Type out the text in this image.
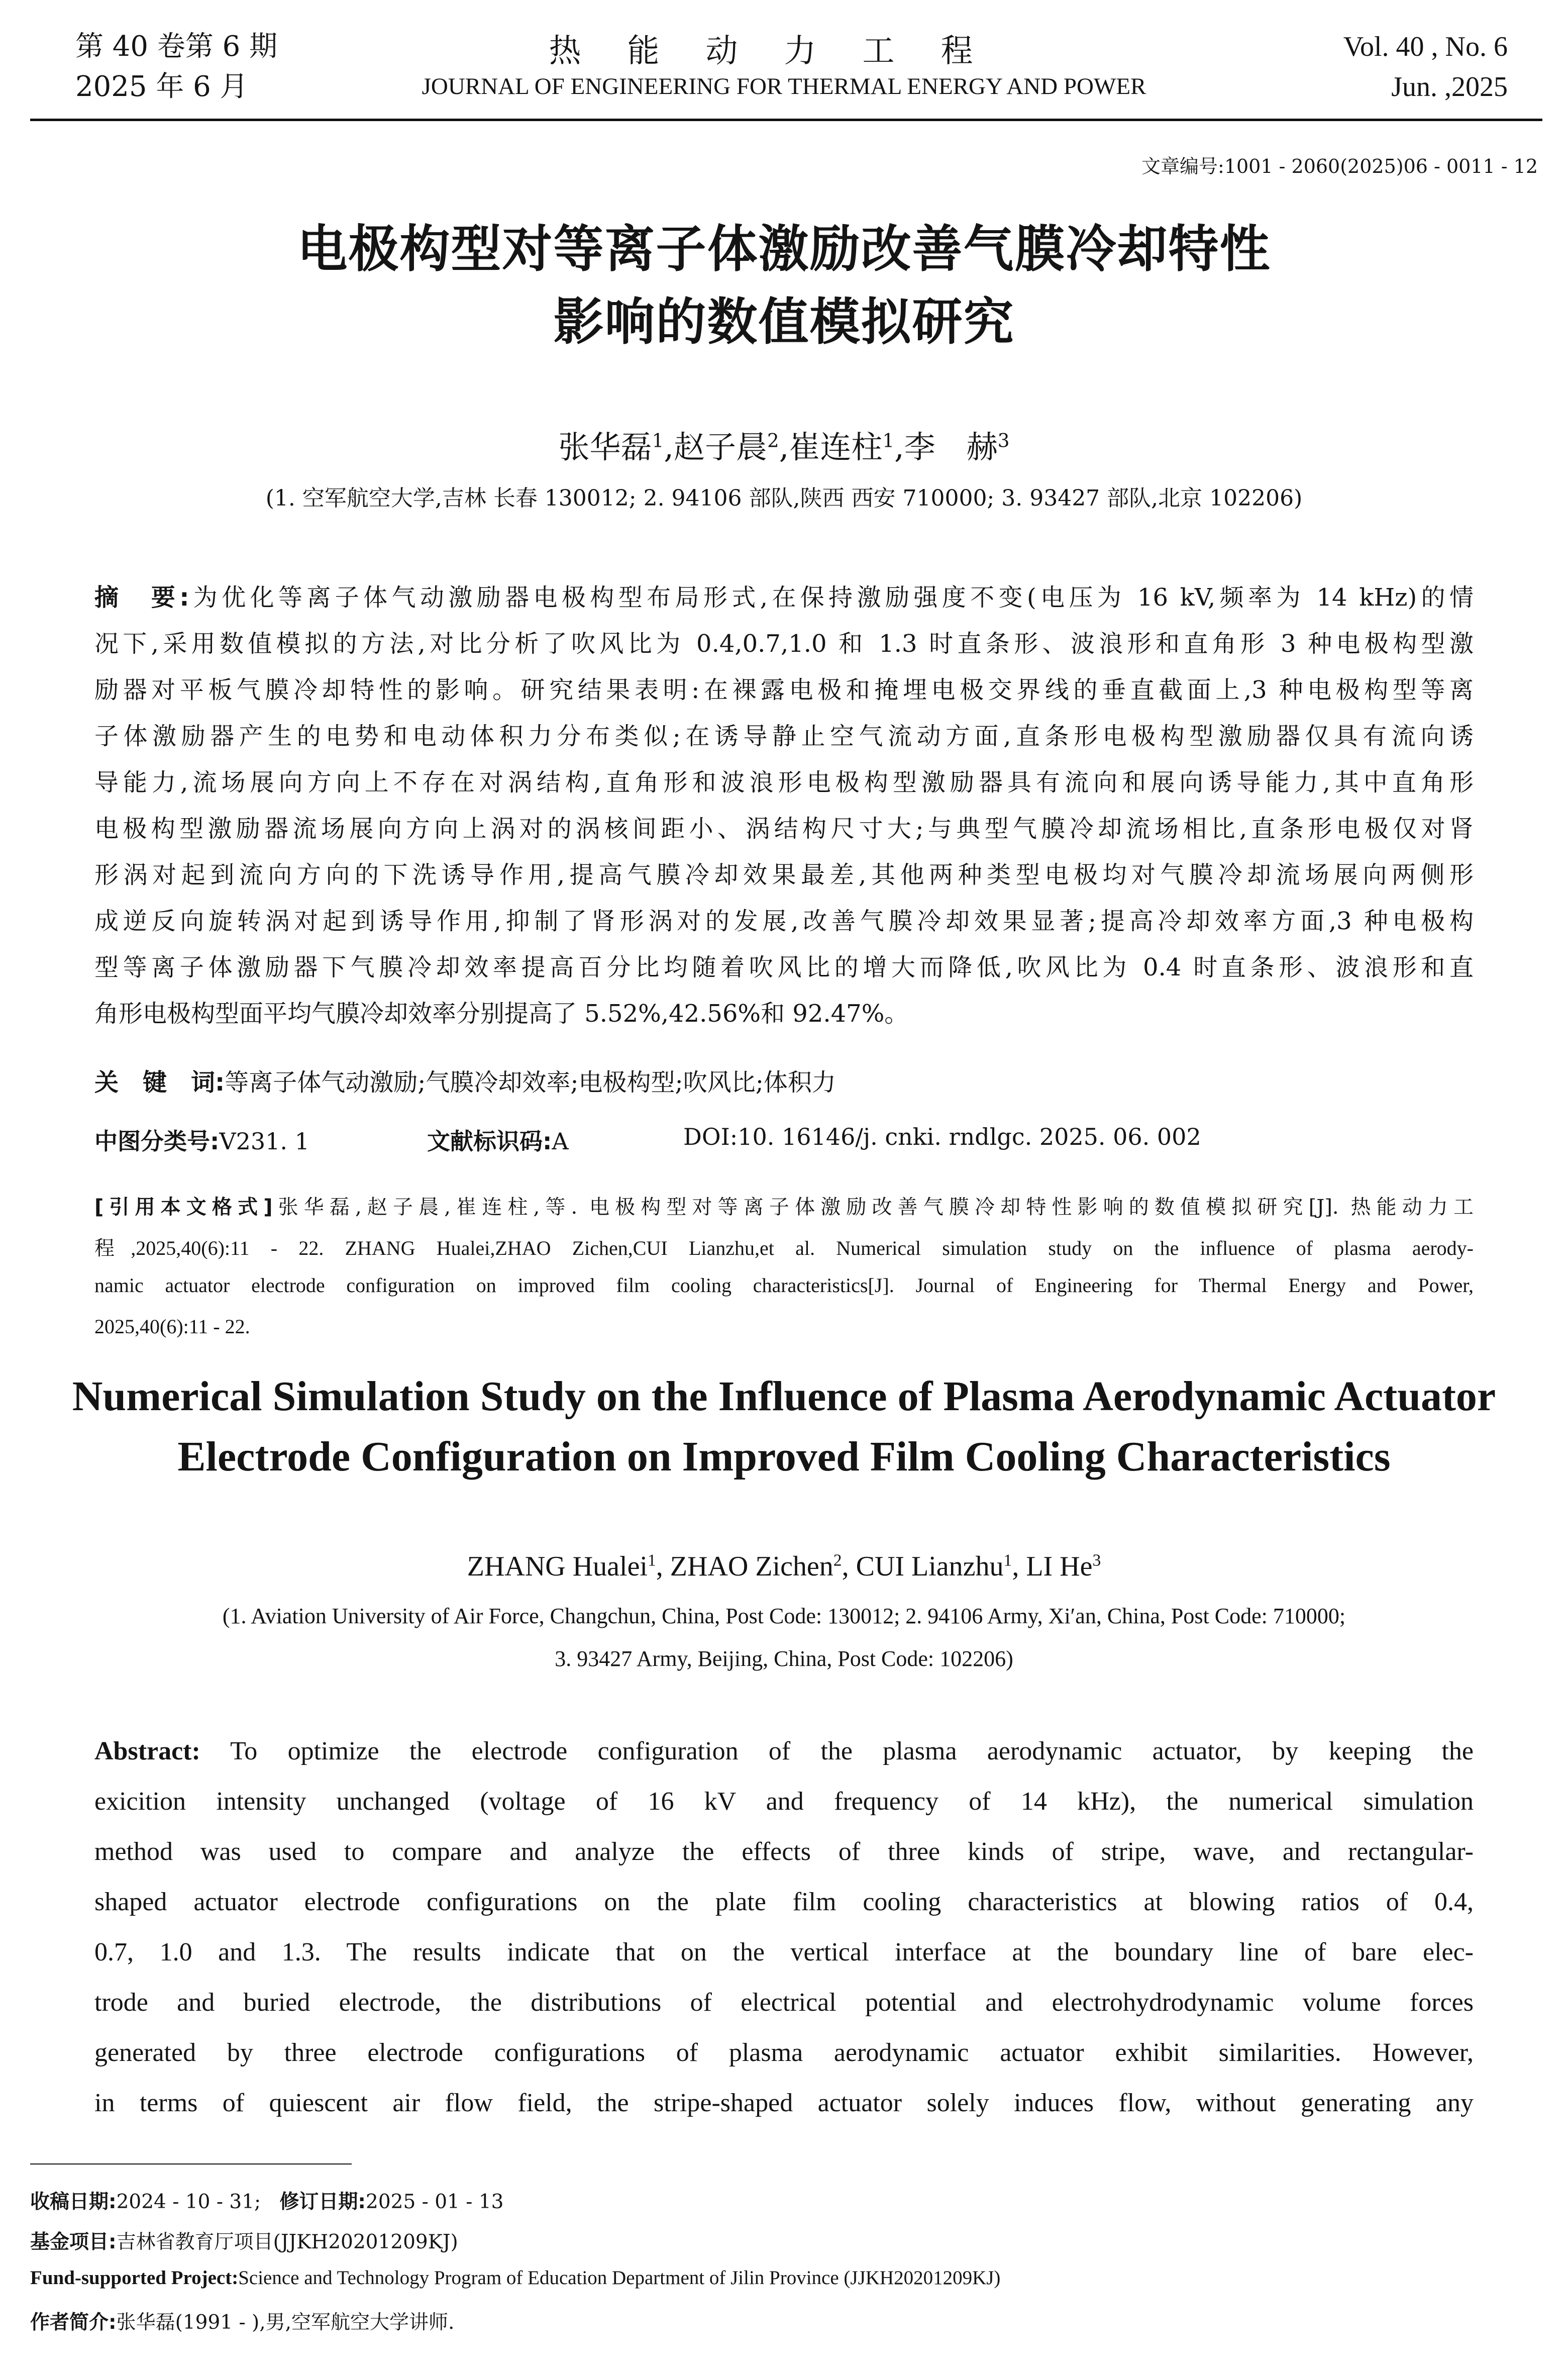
第 40 卷第 6 期
2025 年 6 月
热能动力工程
JOURNAL OF ENGINEERING FOR THERMAL ENERGY AND POWER
Vol. 40 , No. 6
Jun. ,2025
文章编号:1001 - 2060(2025)06 - 0011 - 12
电极构型对等离子体激励改善气膜冷却特性
影响的数值模拟研究
张华磊$^1$,赵子晨$^2$,崔连柱$^1$,李　赫$^3$
(1. 空军航空大学,吉林 长春 130012; 2. 94106 部队,陕西 西安 710000; 3. 93427 部队,北京 102206)
摘　要:为优化等离子体气动激励器电极构型布局形式,在保持激励强度不变(电压为 16 kV,频率为 14 kHz)的情
况下,采用数值模拟的方法,对比分析了吹风比为 0.4,0.7,1.0 和 1.3 时直条形、波浪形和直角形 3 种电极构型激
励器对平板气膜冷却特性的影响。研究结果表明:在裸露电极和掩埋电极交界线的垂直截面上,3 种电极构型等离
子体激励器产生的电势和电动体积力分布类似;在诱导静止空气流动方面,直条形电极构型激励器仅具有流向诱
导能力,流场展向方向上不存在对涡结构,直角形和波浪形电极构型激励器具有流向和展向诱导能力,其中直角形
电极构型激励器流场展向方向上涡对的涡核间距小、涡结构尺寸大;与典型气膜冷却流场相比,直条形电极仅对肾
形涡对起到流向方向的下洗诱导作用,提高气膜冷却效果最差,其他两种类型电极均对气膜冷却流场展向两侧形
成逆反向旋转涡对起到诱导作用,抑制了肾形涡对的发展,改善气膜冷却效果显著;提高冷却效率方面,3 种电极构
型等离子体激励器下气膜冷却效率提高百分比均随着吹风比的增大而降低,吹风比为 0.4 时直条形、波浪形和直
角形电极构型面平均气膜冷却效率分别提高了 5.52%,42.56%和 92.47%。
关　键　词:等离子体气动激励;气膜冷却效率;电极构型;吹风比;体积力
中图分类号:V231. 1	文献标识码:A	DOI:10. 16146/j. cnki. rndlgc. 2025. 06. 002
[引用本文格式]张华磊,赵子晨,崔连柱,等. 电极构型对等离子体激励改善气膜冷却特性影响的数值模拟研究[J]. 热能动力工
程,2025,40(6):11 - 22. ZHANG Hualei,ZHAO Zichen,CUI Lianzhu,et al. Numerical simulation study on the influence of plasma aerody-
namic actuator electrode configuration on improved film cooling characteristics[J]. Journal of Engineering for Thermal Energy and Power,
2025,40(6):11 - 22.
Numerical Simulation Study on the Influence of Plasma Aerodynamic Actuator
Electrode Configuration on Improved Film Cooling Characteristics
ZHANG Hualei$^1$, ZHAO Zichen$^2$, CUI Lianzhu$^1$, LI He$^3$
(1. Aviation University of Air Force, Changchun, China, Post Code: 130012; 2. 94106 Army, Xi′an, China, Post Code: 710000;
3. 93427 Army, Beijing, China, Post Code: 102206)
Abstract: To optimize the electrode configuration of the plasma aerodynamic actuator, by keeping the
exicition intensity unchanged (voltage of 16 kV and frequency of 14 kHz), the numerical simulation
method was used to compare and analyze the effects of three kinds of stripe, wave, and rectangular-
shaped actuator electrode configurations on the plate film cooling characteristics at blowing ratios of 0.4,
0.7, 1.0 and 1.3. The results indicate that on the vertical interface at the boundary line of bare elec-
trode and buried electrode, the distributions of electrical potential and electrohydrodynamic volume forces
generated by three electrode configurations of plasma aerodynamic actuator exhibit similarities. However,
in terms of quiescent air flow field, the stripe-shaped actuator solely induces flow, without generating any
收稿日期:2024 - 10 - 31; 修订日期:2025 - 01 - 13
基金项目:吉林省教育厅项目(JJKH20201209KJ)
Fund-supported Project:Science and Technology Program of Education Department of Jilin Province (JJKH20201209KJ)
作者简介:张华磊(1991 - ),男,空军航空大学讲师.
